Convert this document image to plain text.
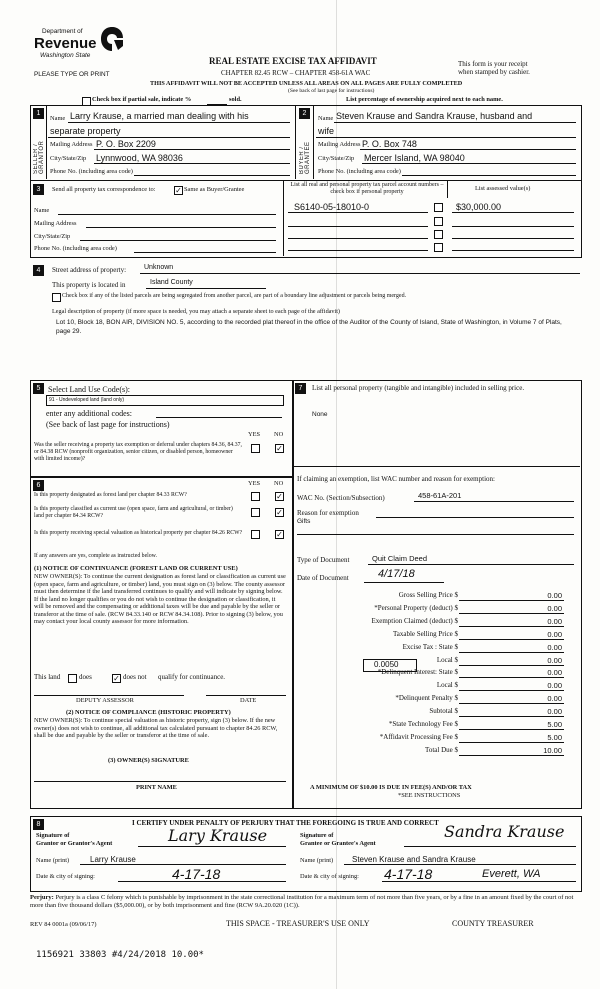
Department of
Revenue
Washington State
PLEASE TYPE OR PRINT
REAL ESTATE EXCISE TAX AFFIDAVIT
CHAPTER 82.45 RCW – CHAPTER 458-61A WAC
THIS AFFIDAVIT WILL NOT BE ACCEPTED UNLESS ALL AREAS ON ALL PAGES ARE FULLY COMPLETED
(See back of last page for instructions)
This form is your receipt
when stamped by cashier.
Check box if partial sale, indicate %	sold.	List percentage of ownership acquired next to each name.
1
SELLER / GRANTOR
Name Larry Krause, a married man dealing with his
separate property
Mailing Address P. O. Box 2209
City/State/Zip Lynnwood, WA 98036
Phone No. (including area code)
2
BUYER / GRANTEE
Name Steven Krause and Sandra Krause, husband and
wife
Mailing Address P. O. Box 748
City/State/Zip Mercer Island, WA 98040
Phone No. (including area code)
3	Send all property tax correspondence to: ✓ Same as Buyer/Grantee
Name
Mailing Address
City/State/Zip
Phone No. (including area code)
List all real and personal property tax parcel account numbers – check box if personal property
List assessed value(s)
S6140-05-18010-0	$30,000.00
4	Street address of property:	Unknown
This property is located in	Island County
Check box if any of the listed parcels are being segregated from another parcel, are part of a boundary line adjustment or parcels being merged.
Legal description of property (if more space is needed, you may attach a separate sheet to each page of the affidavit)
Lot 10, Block 18, BON AIR, DIVISION NO. 5, according to the recorded plat thereof in the office of the Auditor of the County of Island, State of Washington, in Volume 7 of Plats, page 29.
5 Select Land Use Code(s):
91 - Undeveloped land (land only)
enter any additional codes:
(See back of last page for instructions)
YES NO
Was the seller receiving a property tax exemption or deferral under chapters 84.36, 84.37, or 84.38 RCW (nonprofit organization, senior citizen, or disabled person, homeowner with limited income)?
✓
6	YES NO
Is this property designated as forest land per chapter 84.33 RCW?	✓
Is this property classified as current use (open space, farm and agricultural, or timber) land per chapter 84.34 RCW?	✓
Is this property receiving special valuation as historical property per chapter 84.26 RCW?	✓
If any answers are yes, complete as instructed below.
(1) NOTICE OF CONTINUANCE (FOREST LAND OR CURRENT USE)
NEW OWNER(S): To continue the current designation as forest land or classification as current use (open space, farm and agriculture, or timber) land, you must sign on (3) below. The county assessor must then determine if the land transferred continues to qualify and will indicate by signing below. If the land no longer qualifies or you do not wish to continue the designation or classification, it will be removed and the compensating or additional taxes will be due and payable by the seller or transferor at the time of sale. (RCW 84.33.140 or RCW 84.34.108). Prior to signing (3) below, you may contact your local county assessor for more information.
This land	does	✓ does not qualify for continuance.
DEPUTY ASSESSOR	DATE
(2) NOTICE OF COMPLIANCE (HISTORIC PROPERTY)
NEW OWNER(S): To continue special valuation as historic property, sign (3) below. If the new owner(s) does not wish to continue, all additional tax calculated pursuant to chapter 84.26 RCW, shall be due and payable by the seller or transferor at the time of sale.
(3) OWNER(S) SIGNATURE
PRINT NAME
7	List all personal property (tangible and intangible) included in selling price.
None
If claiming an exemption, list WAC number and reason for exemption:
WAC No. (Section/Subsection)	458-61A-201
Reason for exemption
Gifts
Type of Document	Quit Claim Deed
Date of Document	4/17/18
Gross Selling Price $	0.00
*Personal Property (deduct) $	0.00
Exemption Claimed (deduct) $	0.00
Taxable Selling Price $	0.00
Excise Tax : State $	0.00
Local $	0.00
*Delinquent Interest: State $	0.00
Local $	0.00
*Delinquent Penalty $	0.00
Subtotal $	0.00
*State Technology Fee $	5.00
*Affidavit Processing Fee $	5.00
Total Due $	10.00
0.0050
A MINIMUM OF $10.00 IS DUE IN FEE(S) AND/OR TAX
*SEE INSTRUCTIONS
8	I CERTIFY UNDER PENALTY OF PERJURY THAT THE FOREGOING IS TRUE AND CORRECT
Signature of
Grantor or Grantor's Agent	Lary Krause
Name (print)	Larry Krause
Date & city of signing:	4-17-18
Signature of
Grantee or Grantee's Agent
Sandra Krause
Name (print) Steven Krause and Sandra Krause
Date & city of signing: 4-17-18	Everett, WA
Perjury: Perjury is a class C felony which is punishable by imprisonment in the state correctional institution for a maximum term of not more than five years, or by a fine in an amount fixed by the court of not more than five thousand dollars ($5,000.00), or by both imprisonment and fine (RCW 9A.20.020 (1C)).
REV 84 0001a (09/06/17)	THIS SPACE - TREASURER'S USE ONLY	COUNTY TREASURER
1156921 33803 #4/24/2018 10.00*
